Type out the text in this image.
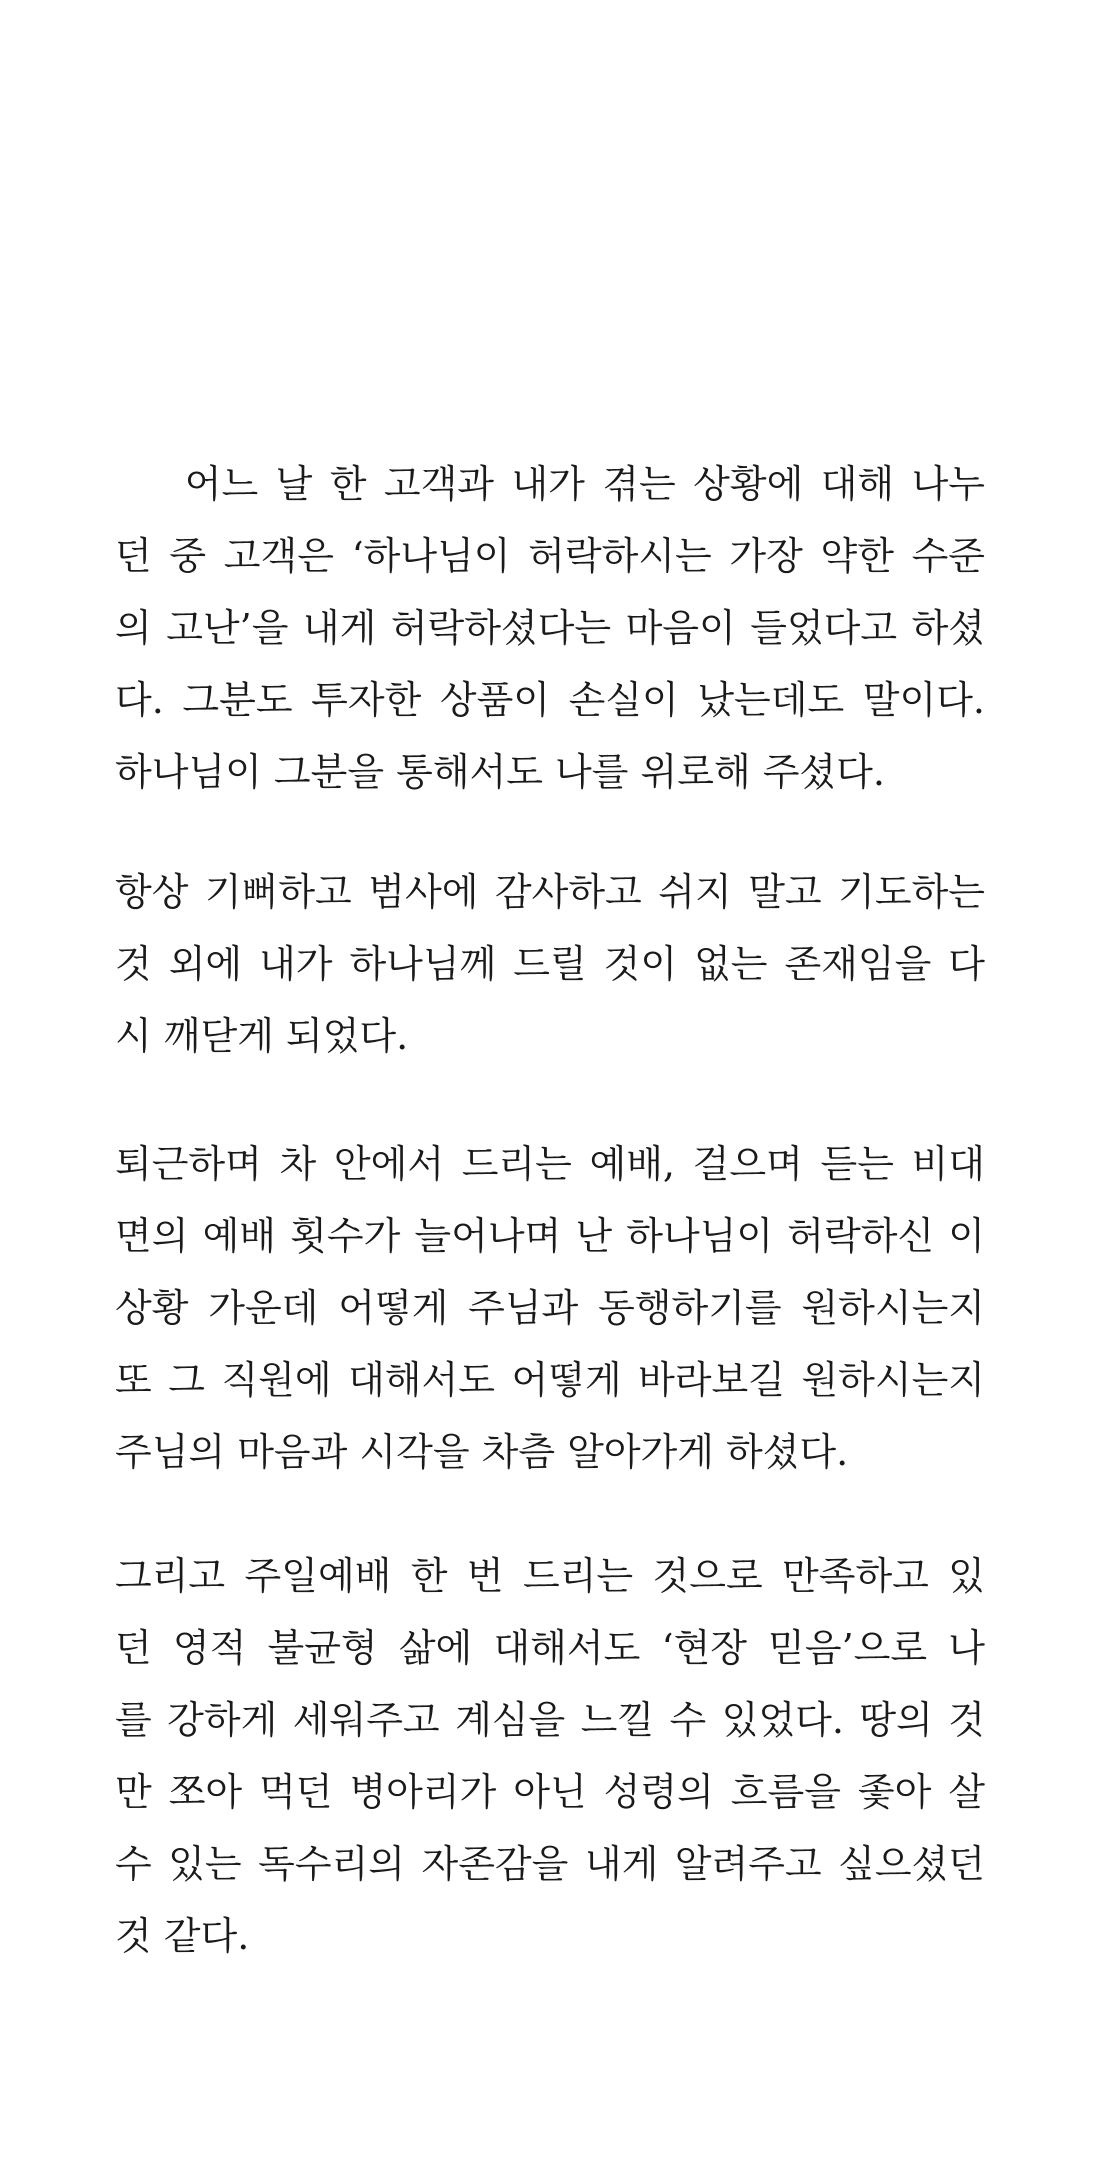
어느 날 한 고객과 내가 겪는 상황에 대해 나누
던 중 고객은 ‘하나님이 허락하시는 가장 약한 수준
의 고난’을 내게 허락하셨다는 마음이 들었다고 하셨
다. 그분도 투자한 상품이 손실이 났는데도 말이다.
하나님이 그분을 통해서도 나를 위로해 주셨다.
항상 기뻐하고 범사에 감사하고 쉬지 말고 기도하는
것 외에 내가 하나님께 드릴 것이 없는 존재임을 다
시 깨닫게 되었다.
퇴근하며 차 안에서 드리는 예배, 걸으며 듣는 비대
면의 예배 횟수가 늘어나며 난 하나님이 허락하신 이
상황 가운데 어떻게 주님과 동행하기를 원하시는지
또 그 직원에 대해서도 어떻게 바라보길 원하시는지
주님의 마음과 시각을 차츰 알아가게 하셨다.
그리고 주일예배 한 번 드리는 것으로 만족하고 있
던 영적 불균형 삶에 대해서도 ‘현장 믿음’으로 나
를 강하게 세워주고 계심을 느낄 수 있었다. 땅의 것
만 쪼아 먹던 병아리가 아닌 성령의 흐름을 좇아 살
수 있는 독수리의 자존감을 내게 알려주고 싶으셨던
것 같다.
